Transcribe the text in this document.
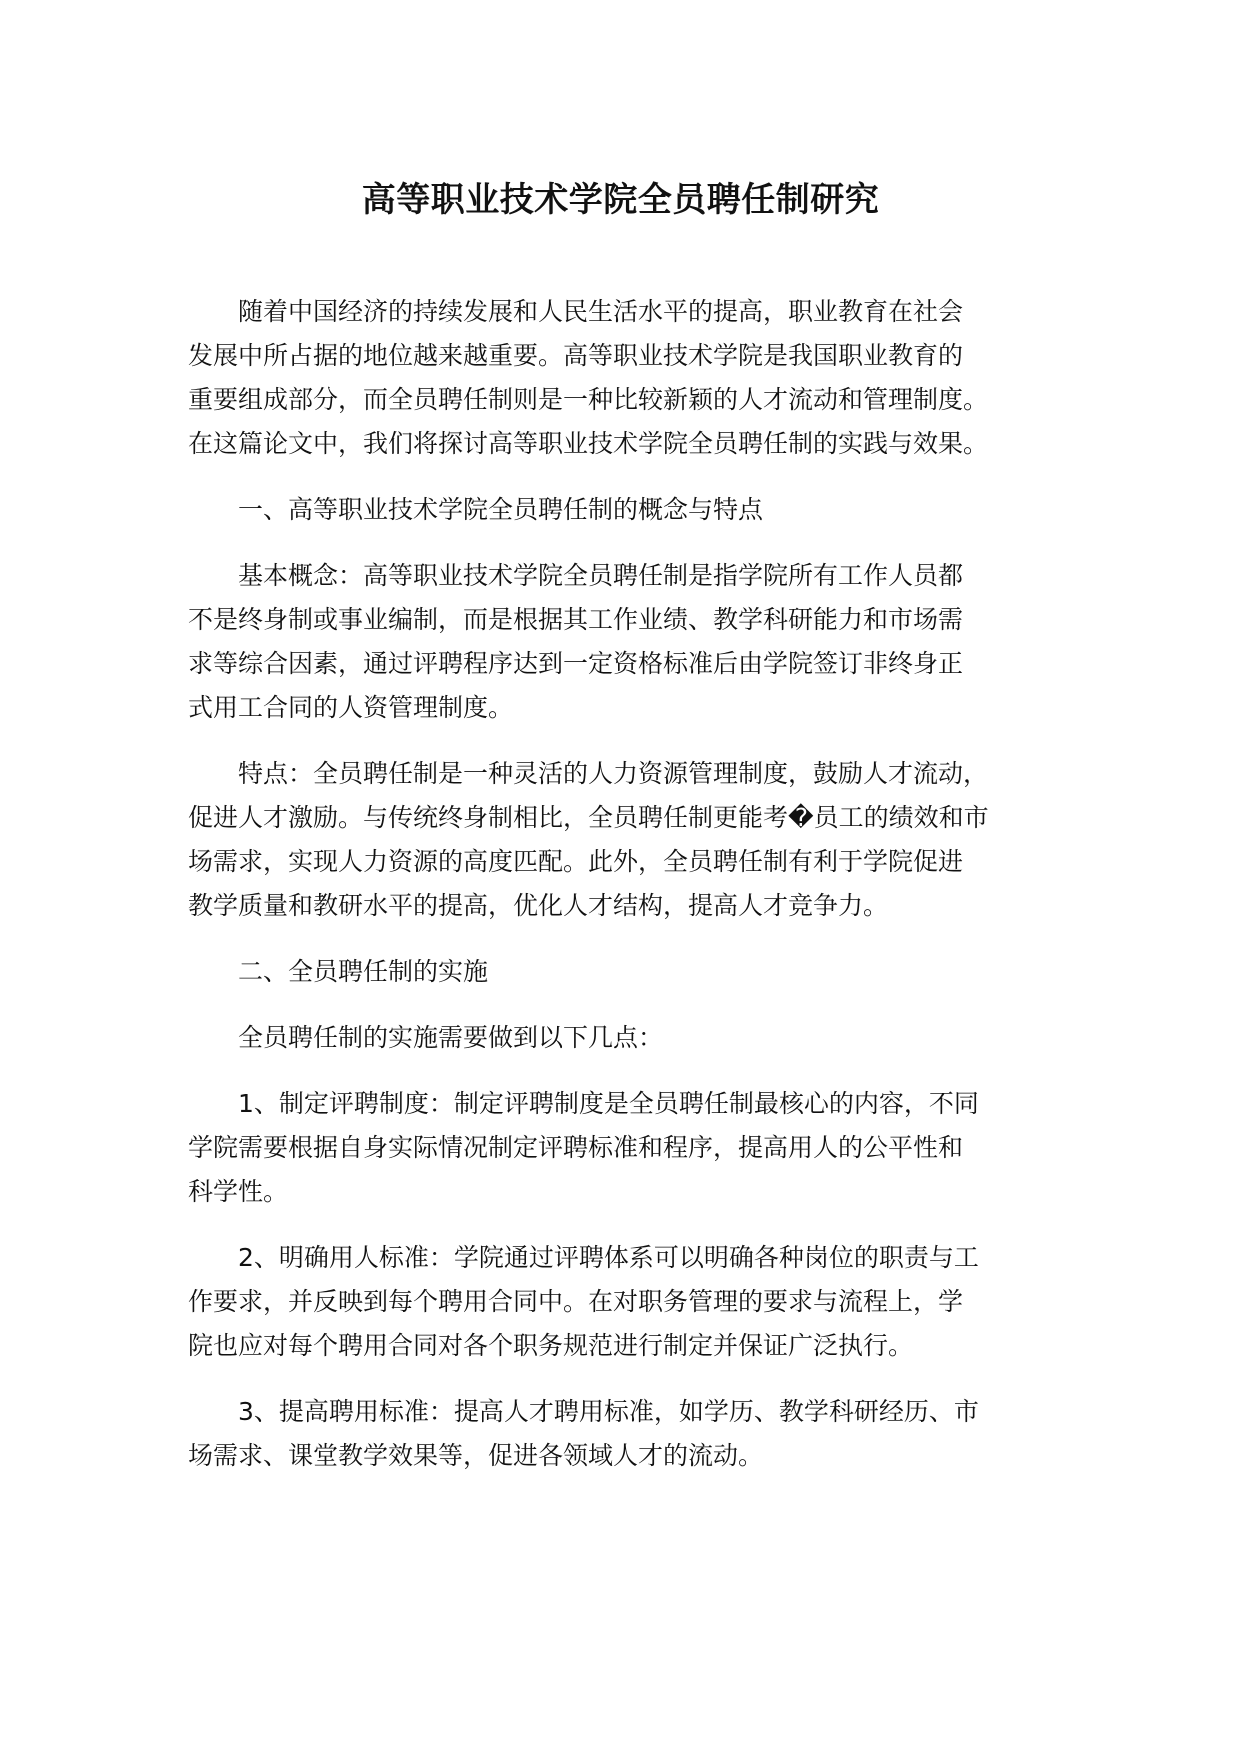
高等职业技术学院全员聘任制研究
随着中国经济的持续发展和人民生活水平的提高，职业教育在社会
发展中所占据的地位越来越重要。高等职业技术学院是我国职业教育的
重要组成部分，而全员聘任制则是一种比较新颖的人才流动和管理制度。
在这篇论文中，我们将探讨高等职业技术学院全员聘任制的实践与效果。
一、高等职业技术学院全员聘任制的概念与特点
基本概念：高等职业技术学院全员聘任制是指学院所有工作人员都
不是终身制或事业编制，而是根据其工作业绩、教学科研能力和市场需
求等综合因素，通过评聘程序达到一定资格标准后由学院签订非终身正
式用工合同的人资管理制度。
特点：全员聘任制是一种灵活的人力资源管理制度，鼓励人才流动，
促进人才激励。与传统终身制相比，全员聘任制更能考�员工的绩效和市
场需求，实现人力资源的高度匹配。此外，全员聘任制有利于学院促进
教学质量和教研水平的提高，优化人才结构，提高人才竞争力。
二、全员聘任制的实施
全员聘任制的实施需要做到以下几点：
1、制定评聘制度：制定评聘制度是全员聘任制最核心的内容，不同
学院需要根据自身实际情况制定评聘标准和程序，提高用人的公平性和
科学性。
2、明确用人标准：学院通过评聘体系可以明确各种岗位的职责与工
作要求，并反映到每个聘用合同中。在对职务管理的要求与流程上，学
院也应对每个聘用合同对各个职务规范进行制定并保证广泛执行。
3、提高聘用标准：提高人才聘用标准，如学历、教学科研经历、市
场需求、课堂教学效果等，促进各领域人才的流动。
